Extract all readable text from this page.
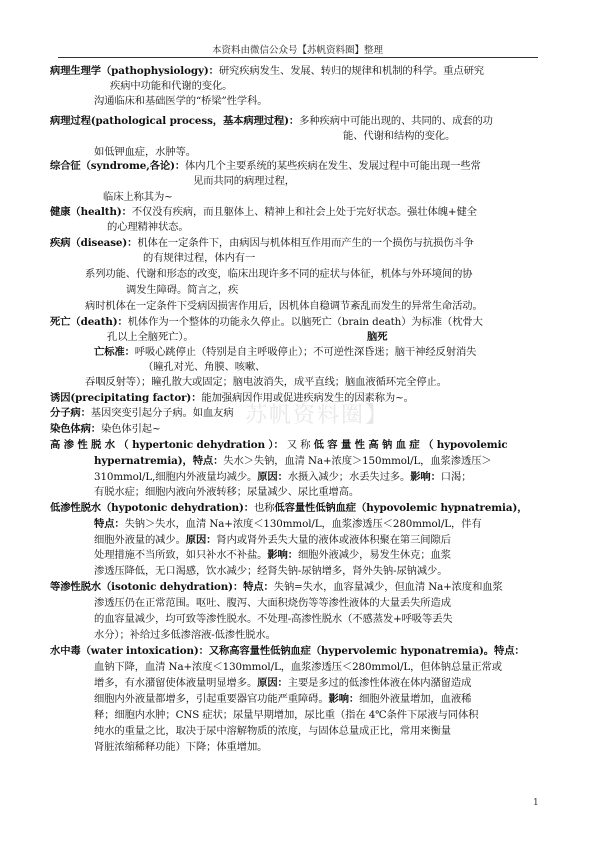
本资料由微信公众号【苏帆资料圈】整理
病理生理学（pathophysiology)：研究疾病发生、发展、转归的规律和机制的科学。重点研究
疾病中功能和代谢的变化。
沟通临床和基础医学的“桥梁”性学科。
病理过程(pathological process，基本病理过程)：多种疾病中可能出现的、共同的、成套的功
能、代谢和结构的变化。
如低钾血症，水肿等。
综合征（syndrome,各论)：体内几个主要系统的某些疾病在发生、发展过程中可能出现一些常
见而共同的病理过程，
临床上称其为~
健康（health)：不仅没有疾病，而且躯体上、精神上和社会上处于完好状态。强壮体魄+健全
的心理精神状态。
疾病（disease)：机体在一定条件下，由病因与机体相互作用而产生的一个损伤与抗损伤斗争
的有规律过程，体内有一
系列功能、代谢和形态的改变，临床出现许多不同的症状与体征，机体与外环境间的协
调发生障碍。简言之，疾
病时机体在一定条件下受病因损害作用后，因机体自稳调节紊乱而发生的异常生命活动。
死亡（death)：机体作为一个整体的功能永久停止。以脑死亡（brain death）为标准（枕骨大
孔以上全脑死亡）。	脑死
亡标准：呼吸心跳停止（特别是自主呼吸停止）；不可逆性深昏迷；脑干神经反射消失
（瞳孔对光、角膜、咳嗽、
吞咽反射等）；瞳孔散大或固定；脑电波消失，成平直线；脑血液循环完全停止。
诱因(precipitating factor)：能加强病因作用或促进疾病发生的因素称为~。
分子病：基因突变引起分子病。如血友病
染色体病：染色体引起~
高 渗 性 脱 水 （ hypertonic dehydration ）： 又 称 低 容 量 性 高 钠 血 症 （ hypovolemic
hypernatremia)，特点：失水＞失钠，血清 Na+浓度＞150mmol/L，血浆渗透压＞
310mmol/L,细胞内外液量均减少。原因：水摄入减少；水丢失过多。影响：口渴；
有脱水症；细胞内液向外液转移；尿量减少、尿比重增高。
低渗性脱水（hypotonic dehydration)：也称低容量性低钠血症（hypovolemic hypnatremia)，
特点：失钠＞失水，血清 Na+浓度＜130mmol/L，血浆渗透压＜280mmol/L，伴有
细胞外液量的减少。原因：肾内或肾外丢失大量的液体或液体积聚在第三间隙后
处理措施不当所致，如只补水不补盐。影响：细胞外液减少，易发生休克；血浆
渗透压降低，无口渴感，饮水减少；经肾失钠-尿钠增多，肾外失钠-尿钠减少。
等渗性脱水（isotonic dehydration)：特点：失钠=失水，血容量减少，但血清 Na+浓度和血浆
渗透压仍在正常范围。呕吐、腹泻、大面积烧伤等等渗性液体的大量丢失所造成
的血容量减少，均可致等渗性脱水。不处理-高渗性脱水（不感蒸发+呼吸等丢失
水分）；补给过多低渗溶液-低渗性脱水。
水中毒（water intoxication)：又称高容量性低钠血症（hypervolemic hyponatremia)。特点：
血钠下降，血清 Na+浓度＜130mmol/L，血浆渗透压＜280mmol/L，但体钠总量正常或
增多，有水潴留使体液量明显增多。原因：主要是多过的低渗性体液在体内潴留造成
细胞内外液量都增多，引起重要器官功能严重障碍。影响：细胞外液量增加，血液稀
释；细胞内水肿；CNS 症状；尿量早期增加，尿比重（指在 4℃条件下尿液与同体积
纯水的重量之比，取决于尿中溶解物质的浓度，与固体总量成正比，常用来衡量
肾脏浓缩稀释功能）下降；体重增加。
苏帆资料圈】
1
